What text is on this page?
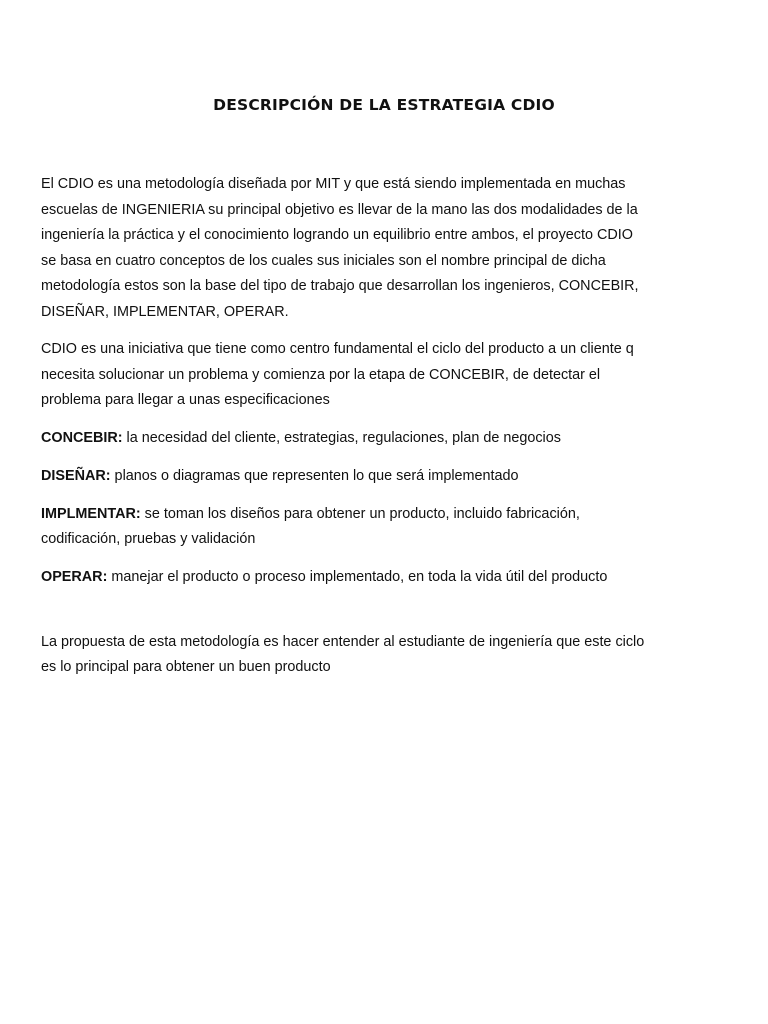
DESCRIPCIÓN DE LA ESTRATEGIA CDIO

El CDIO es una metodología diseñada por MIT y que está siendo implementada en muchas
escuelas de INGENIERIA su principal objetivo es llevar de la mano las dos modalidades de la
ingeniería la práctica y el conocimiento logrando un equilibrio entre ambos, el proyecto CDIO
se basa en cuatro conceptos de los cuales sus iniciales son el nombre principal de dicha
metodología estos son la base del tipo de trabajo que desarrollan los ingenieros, CONCEBIR,
DISEÑAR, IMPLEMENTAR, OPERAR.

CDIO es una iniciativa que tiene como centro fundamental el ciclo del producto a un cliente q
necesita solucionar un problema y comienza por la etapa de CONCEBIR, de detectar el
problema para llegar a unas especificaciones

CONCEBIR: la necesidad del cliente, estrategias, regulaciones, plan de negocios

DISEÑAR: planos o diagramas que representen lo que será implementado

IMPLMENTAR: se toman los diseños para obtener un producto, incluido fabricación,
codificación, pruebas y validación

OPERAR: manejar el producto o proceso implementado, en toda la vida útil del producto

La propuesta de esta metodología es hacer entender al estudiante de ingeniería que este ciclo
es lo principal para obtener un buen producto
